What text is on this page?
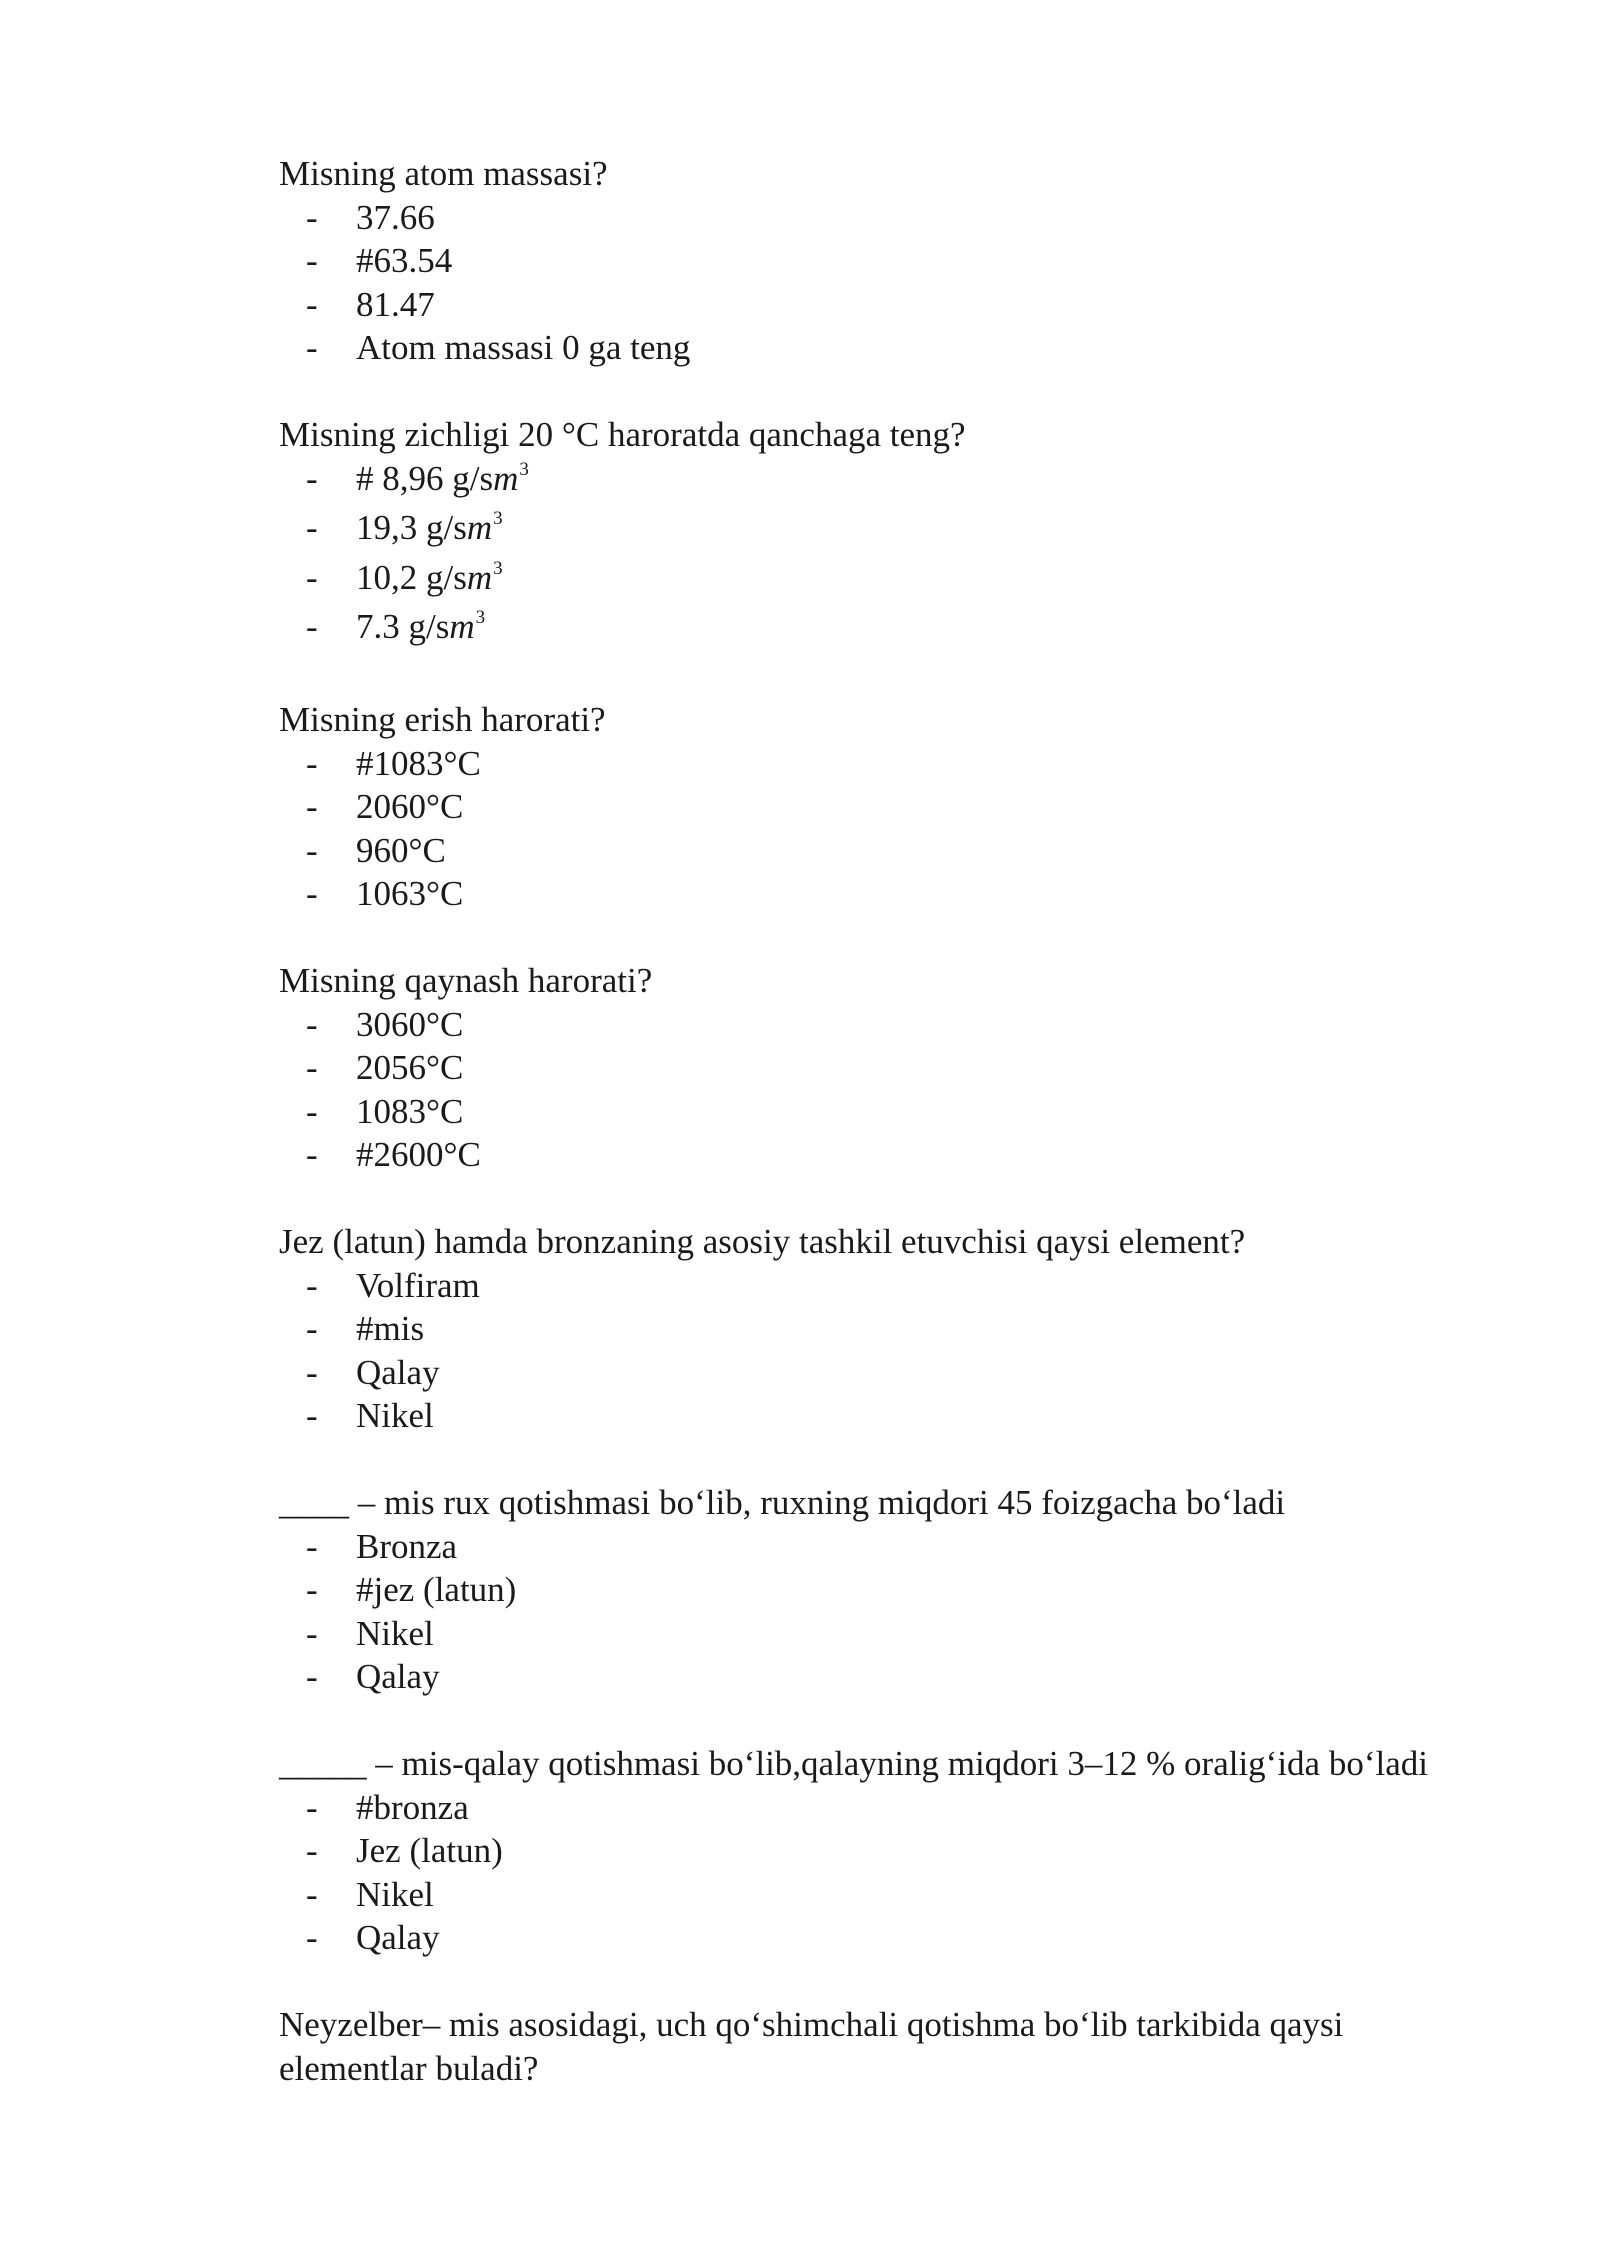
Misning atom massasi?

- 37.66
- #63.54
- 81.47
- Atom massasi 0 ga teng

Misning zichligi 20 °C haroratda qanchaga teng?

- # 8,96 $g/sm^3$
- 19,3 $g/sm^3$
- 10,2 $g/sm^3$
- 7.3 $g/sm^3$

Misning erish harorati?

- #1083°C
- 2060°C
- 960°C
- 1063°C

Misning qaynash harorati?

- 3060°C
- 2056°C
- 1083°C
- #2600°C

Jez (latun) hamda bronzaning asosiy tashkil etuvchisi qaysi element?

- Volfiram
- #mis
- Qalay
- Nikel

____ – mis rux qotishmasi bo‘lib, ruxning miqdori 45 foizgacha bo‘ladi

- Bronza
- #jez (latun)
- Nikel
- Qalay

_____ – mis-qalay qotishmasi bo‘lib,qalayning miqdori 3–12 % oralig‘ida bo‘ladi

- #bronza
- Jez (latun)
- Nikel
- Qalay

Neyzelber– mis asosidagi, uch qo‘shimchali qotishma bo‘lib tarkibida qaysi elementlar buladi?
